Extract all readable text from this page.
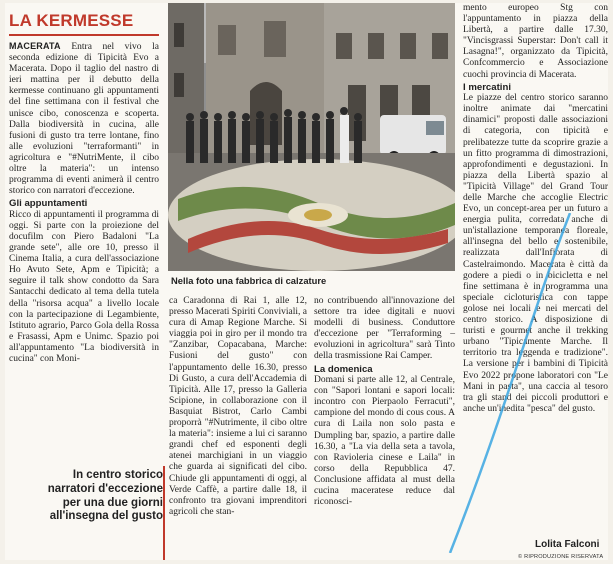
LA KERMESSE

MACERATA Entra nel vivo la seconda edizione di Tipicità Evo a Macerata. Dopo il taglio del nastro di ieri mattina per il debutto della kermesse continuano gli appuntamenti del fine settimana con il festival che unisce cibo, conoscenza e scoperta. Dalla biodiversità in cucina, alle fusioni di gusto tra terre lontane, fino alle evoluzioni "terraformanti" in agricoltura e "#NutriMente, il cibo oltre la materia": un intenso programma di eventi animerà il centro storico con narratori d'eccezione.

Gli appuntamenti

Ricco di appuntamenti il programma di oggi. Si parte con la proiezione del docufilm con Piero Badaloni "La grande sete", alle ore 10, presso il Cinema Italia, a cura dell'associazione Ho Avuto Sete, Apm e Tipicità; a seguire il talk show condotto da Sara Santacchi dedicato al tema della tutela della "risorsa acqua" a livello locale con la partecipazione di Legambiente, Istituto agrario, Parco Gola della Rossa e Frasassi, Apm e Unimc. Spazio poi all'appuntamento "La biodiversità in cucina" con Moni-

In centro storico narratori d'eccezione per una due giorni all'insegna del gusto
Nella foto una fabbrica di calzature

ca Caradonna di Rai 1, alle 12, presso Macerati Spiriti Conviviali, a cura di Amap Regione Marche. Si viaggia poi in giro per il mondo tra "Zanzibar, Copacabana, Marche: Fusioni del gusto" con l'appuntamento delle 16.30, presso Di Gusto, a cura dell'Accademia di Tipicità. Alle 17, presso la Galleria Scipione, in collaborazione con il Basquiat Bistrot, Carlo Cambi proporrà "#Nutrimente, il cibo oltre la materia": insieme a lui ci saranno grandi chef ed esponenti degli atenei marchigiani in un viaggio che guarda ai significati del cibo. Chiude gli appuntamenti di oggi, al Verde Caffè, a partire dalle 18, il confronto tra giovani imprenditori agricoli che stan-

no contribuendo all'innovazione del settore tra idee digitali e nuovi modelli di business. Conduttore d'eccezione per "Terraforming – evoluzioni in agricoltura" sarà Tinto della trasmissione Rai Camper.

La domenica

Domani si parte alle 12, al Centrale, con "Sapori lontani e sapori locali: incontro con Pierpaolo Ferracuti", campione del mondo di cous cous. A cura di Laila non solo pasta e Dumpling bar, spazio, a partire dalle 16.30, a "La via della seta a tavola, con Ravioleria cinese e Laila" in corso della Repubblica 47. Conclusione affidata al must della cucina maceratese reduce dal riconosci-

mento europeo Stg con l'appuntamento in piazza della Libertà, a partire dalle 17.30, "Vincisgrassi Superstar: Don't call it Lasagna!", organizzato da Tipicità, Confcommercio e Associazione cuochi provincia di Macerata.

I mercatini

Le piazze del centro storico saranno inoltre animate dai "mercatini dinamici" proposti dalle associazioni di categoria, con tipicità e prelibatezze tutte da scoprire grazie a un fitto programma di dimostrazioni, approfondimenti e degustazioni. In piazza della Libertà spazio al "Tipicità Village" del Grand Tour delle Marche che accoglie Electric Evo, un concept-area per un futuro a energia pulita, corredata anche di un'istallazione temporanea floreale, all'insegna del bello e sostenibile, realizzata dall'Infiorata di Castelraimondo. Macerata è città da godere a piedi o in bicicletta e nel fine settimana è in programma una speciale cicloturistica con tappe golose nei locali e nei mercati del centro storico. A disposizione di turisti e gourmet anche il trekking urbano "Tipicamente Marche. Il territorio tra leggenda e tradizione". La versione per i bambini di Tipicità Evo 2022 propone laboratori con "Le Mani in pasta", una caccia al tesoro tra gli stand dei piccoli produttori e anche un'inedita "pesca" del gusto.

Lolita Falconi
© RIPRODUZIONE RISERVATA
